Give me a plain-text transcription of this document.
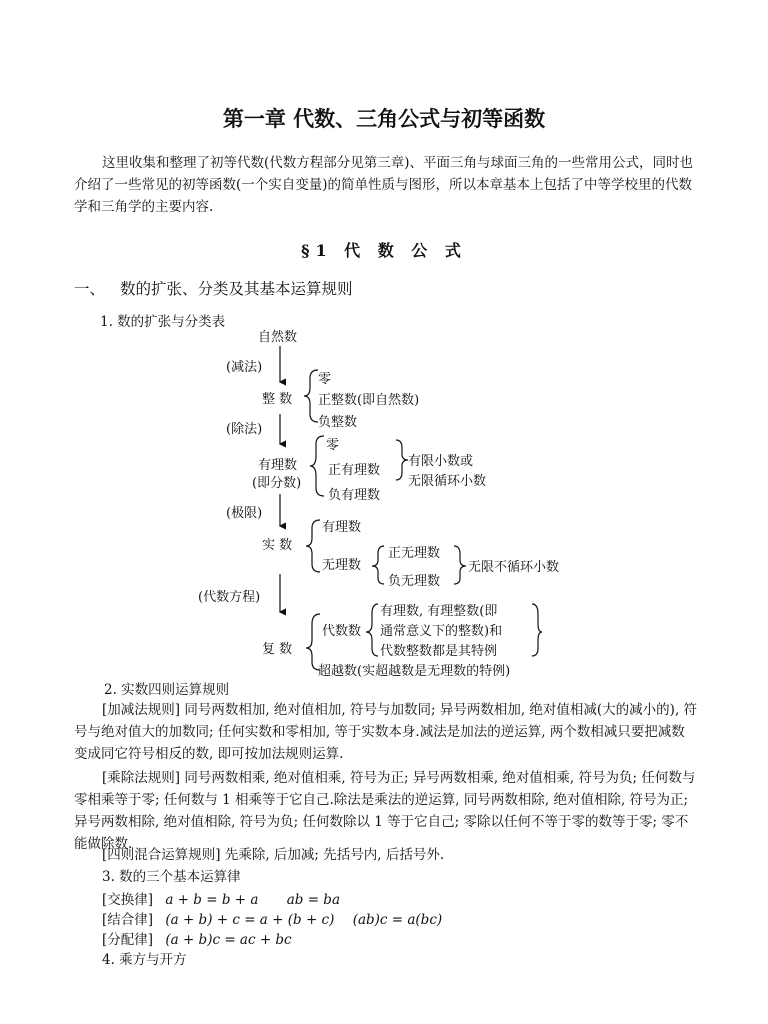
第一章 代数、三角公式与初等函数
这里收集和整理了初等代数(代数方程部分见第三章)、平面三角与球面三角的一些常用公式，同时也介绍了一些常见的初等函数(一个实自变量)的简单性质与图形，所以本章基本上包括了中等学校里的代数学和三角学的主要内容.
§1 代 数 公 式
一、 数的扩张、分类及其基本运算规则
1. 数的扩张与分类表
自然数
(减法)
整 数
零
正整数(即自然数)
负整数
(除法)
有理数
(即分数)
零
正有理数
负有理数
有限小数或
无限循环小数
(极限)
实 数
有理数
无理数
正无理数
负无理数
无限不循环小数
(代数方程)
复 数
代数数
有理数, 有理整数(即
通常意义下的整数)和
代数整数都是其特例
超越数(实超越数是无理数的特例)
2. 实数四则运算规则
[加减法规则] 同号两数相加, 绝对值相加, 符号与加数同; 异号两数相加, 绝对值相减(大的减小的), 符号与绝对值大的加数同; 任何实数和零相加, 等于实数本身.减法是加法的逆运算, 两个数相减只要把减数变成同它符号相反的数, 即可按加法规则运算.
[乘除法规则] 同号两数相乘, 绝对值相乘, 符号为正; 异号两数相乘, 绝对值相乘, 符号为负; 任何数与零相乘等于零; 任何数与 1 相乘等于它自己.除法是乘法的逆运算, 同号两数相除, 绝对值相除, 符号为正; 异号两数相除, 绝对值相除, 符号为负; 任何数除以 1 等于它自己; 零除以任何不等于零的数等于零; 零不能做除数.
[四则混合运算规则] 先乘除, 后加减; 先括号内, 后括号外.
3. 数的三个基本运算律
[交换律] a + b = b + a ab = ba
[结合律] (a + b) + c = a + (b + c) (ab)c = a(bc)
[分配律] (a + b)c = ac + bc
4. 乘方与开方
